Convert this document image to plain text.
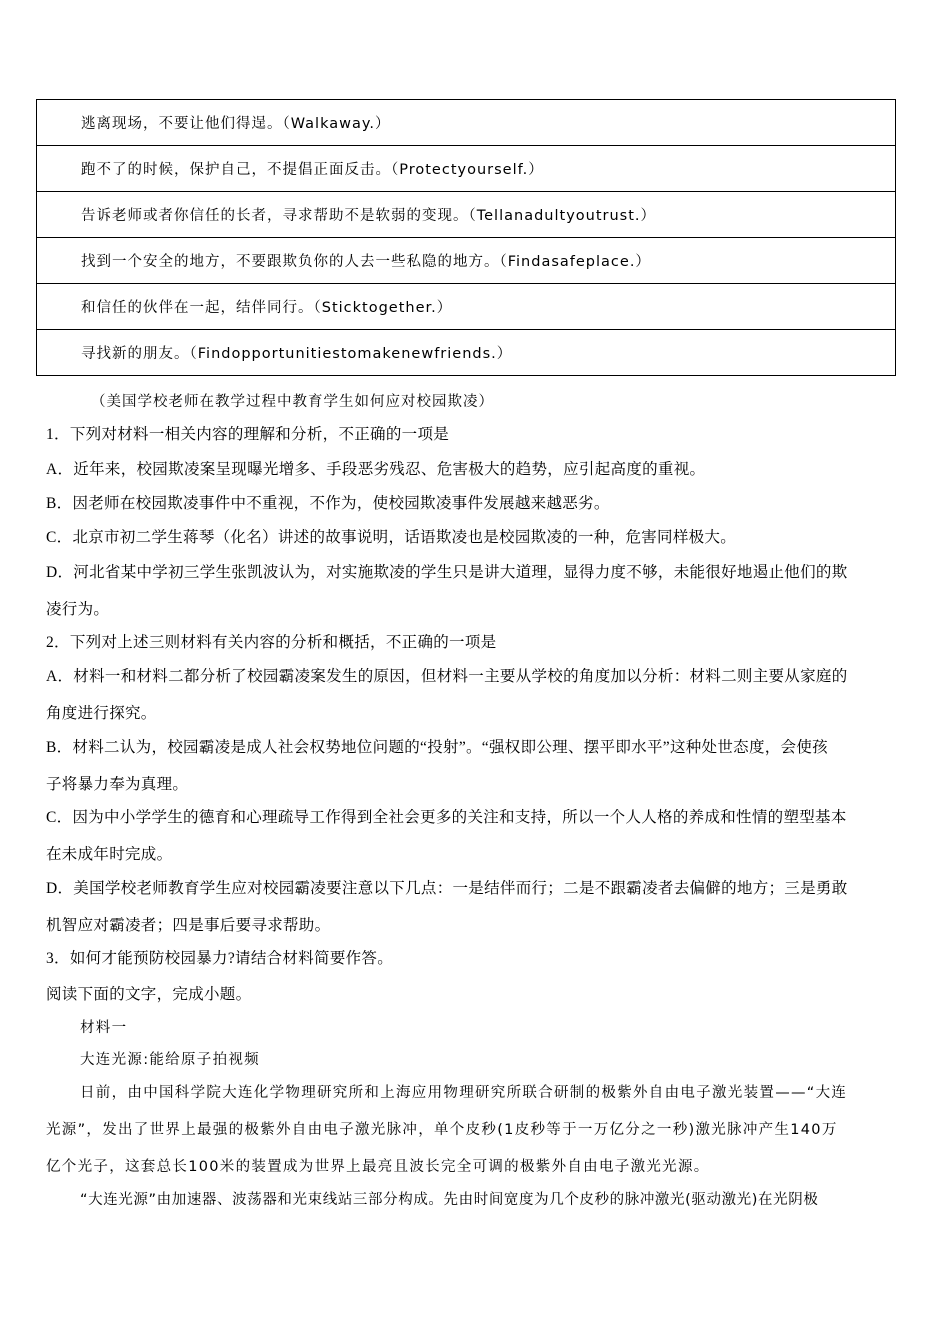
逃离现场，不要让他们得逞。（Walkaway.）
跑不了的时候，保护自己，不提倡正面反击。（Protectyourself.）
告诉老师或者你信任的长者，寻求帮助不是软弱的变现。（Tellanadultyoutrust.）
找到一个安全的地方，不要跟欺负你的人去一些私隐的地方。（Findasafeplace.）
和信任的伙伴在一起，结伴同行。（Sticktogether.）
寻找新的朋友。（Findopportunitiestomakenewfriends.）
（美国学校老师在教学过程中教育学生如何应对校园欺凌）
1．下列对材料一相关内容的理解和分析，不正确的一项是
A．近年来，校园欺凌案呈现曝光增多、手段恶劣残忍、危害极大的趋势，应引起高度的重视。
B．因老师在校园欺凌事件中不重视，不作为，使校园欺凌事件发展越来越恶劣。
C．北京市初二学生蒋琴（化名）讲述的故事说明，话语欺凌也是校园欺凌的一种，危害同样极大。
D．河北省某中学初三学生张凯波认为，对实施欺凌的学生只是讲大道理，显得力度不够，未能很好地遏止他们的欺
凌行为。
2．下列对上述三则材料有关内容的分析和概括，不正确的一项是
A．材料一和材料二都分析了校园霸凌案发生的原因，但材料一主要从学校的角度加以分析：材料二则主要从家庭的
角度进行探究。
B．材料二认为，校园霸凌是成人社会权势地位问题的“投射”。“强权即公理、摆平即水平”这种处世态度，会使孩
子将暴力奉为真理。
C．因为中小学学生的德育和心理疏导工作得到全社会更多的关注和支持，所以一个人人格的养成和性情的塑型基本
在未成年时完成。
D．美国学校老师教育学生应对校园霸凌要注意以下几点：一是结伴而行；二是不跟霸凌者去偏僻的地方；三是勇敢
机智应对霸凌者；四是事后要寻求帮助。
3．如何才能预防校园暴力?请结合材料简要作答。
阅读下面的文字，完成小题。
材料一
大连光源:能给原子拍视频
日前，由中国科学院大连化学物理研究所和上海应用物理研究所联合研制的极紫外自由电子激光装置——“大连
光源”，发出了世界上最强的极紫外自由电子激光脉冲，单个皮秒(1皮秒等于一万亿分之一秒)激光脉冲产生140万
亿个光子，这套总长100米的装置成为世界上最亮且波长完全可调的极紫外自由电子激光光源。
“大连光源”由加速器、波荡器和光束线站三部分构成。先由时间宽度为几个皮秒的脉冲激光(驱动激光)在光阴极
